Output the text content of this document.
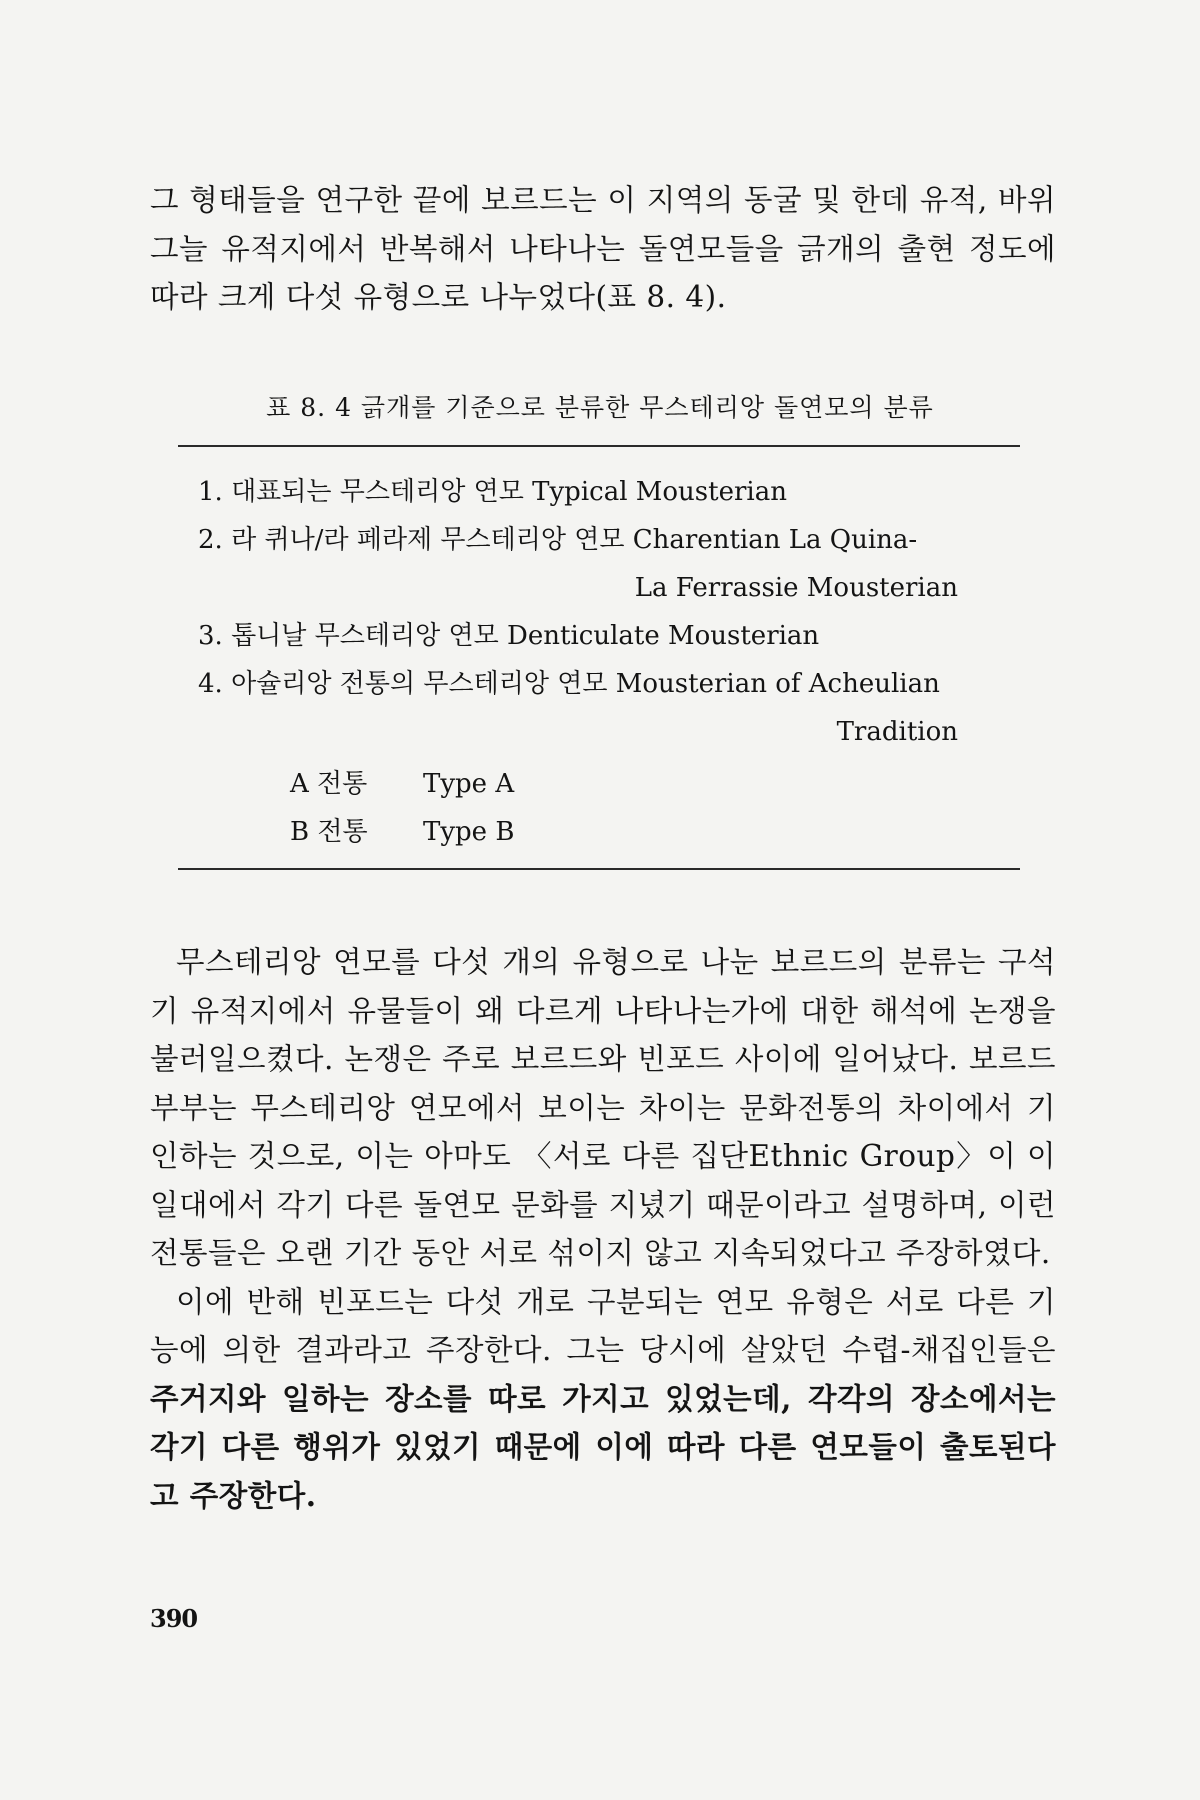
그 형태들을 연구한 끝에 보르드는 이 지역의 동굴 및 한데 유적, 바위그늘 유적지에서 반복해서 나타나는 돌연모들을 긁개의 출현 정도에 따라 크게 다섯 유형으로 나누었다(표 8. 4).

표 8. 4 긁개를 기준으로 분류한 무스테리앙 돌연모의 분류
1. 대표되는 무스테리앙 연모 Typical Mousterian
2. 라 퀴나/라 페라제 무스테리앙 연모 Charentian La Quina-
La Ferrassie Mousterian
3. 톱니날 무스테리앙 연모 Denticulate Mousterian
4. 아슐리앙 전통의 무스테리앙 연모 Mousterian of Acheulian
Tradition
A 전통 Type A
B 전통 Type B

무스테리앙 연모를 다섯 개의 유형으로 나눈 보르드의 분류는 구석기 유적지에서 유물들이 왜 다르게 나타나는가에 대한 해석에 논쟁을 불러일으켰다. 논쟁은 주로 보르드와 빈포드 사이에 일어났다. 보르드 부부는 무스테리앙 연모에서 보이는 차이는 문화전통의 차이에서 기인하는 것으로, 이는 아마도 〈서로 다른 집단Ethnic Group〉이 이 일대에서 각기 다른 돌연모 문화를 지녔기 때문이라고 설명하며, 이런 전통들은 오랜 기간 동안 서로 섞이지 않고 지속되었다고 주장하였다.

이에 반해 빈포드는 다섯 개로 구분되는 연모 유형은 서로 다른 기능에 의한 결과라고 주장한다. 그는 당시에 살았던 수렵-채집인들은 주거지와 일하는 장소를 따로 가지고 있었는데, 각각의 장소에서는 각기 다른 행위가 있었기 때문에 이에 따라 다른 연모들이 출토된다고 주장한다.

390
